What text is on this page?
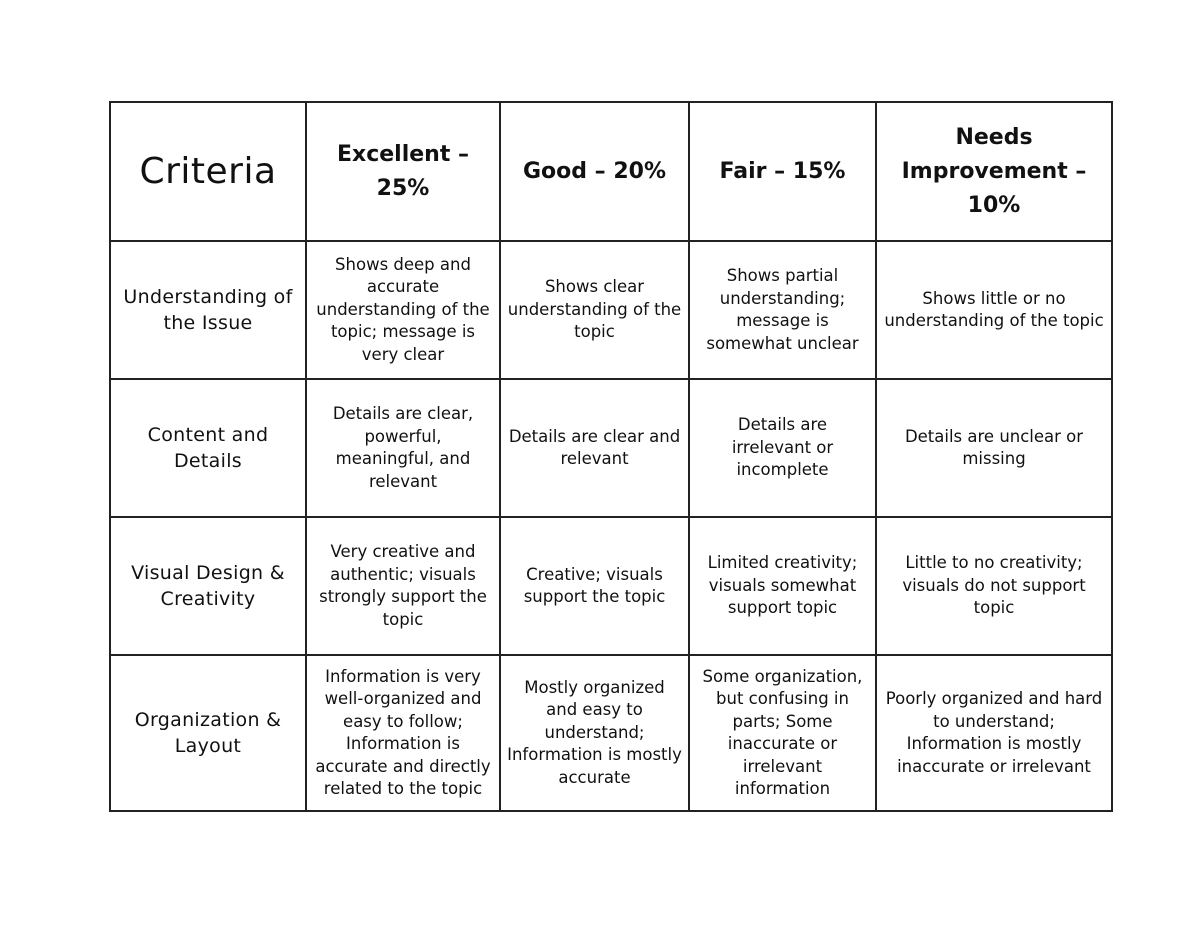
Criteria	Excellent – 25%	Good – 20%	Fair – 15%	Needs Improvement – 10%
Understanding of the Issue	Shows deep and accurate understanding of the topic; message is very clear	Shows clear understanding of the topic	Shows partial understanding; message is somewhat unclear	Shows little or no understanding of the topic
Content and Details	Details are clear, powerful, meaningful, and relevant	Details are clear and relevant	Details are irrelevant or incomplete	Details are unclear or missing
Visual Design & Creativity	Very creative and authentic; visuals strongly support the topic	Creative; visuals support the topic	Limited creativity; visuals somewhat support topic	Little to no creativity; visuals do not support topic
Organization & Layout	Information is very well-organized and easy to follow; Information is accurate and directly related to the topic	Mostly organized and easy to understand; Information is mostly accurate	Some organization, but confusing in parts; Some inaccurate or irrelevant information	Poorly organized and hard to understand; Information is mostly inaccurate or irrelevant
